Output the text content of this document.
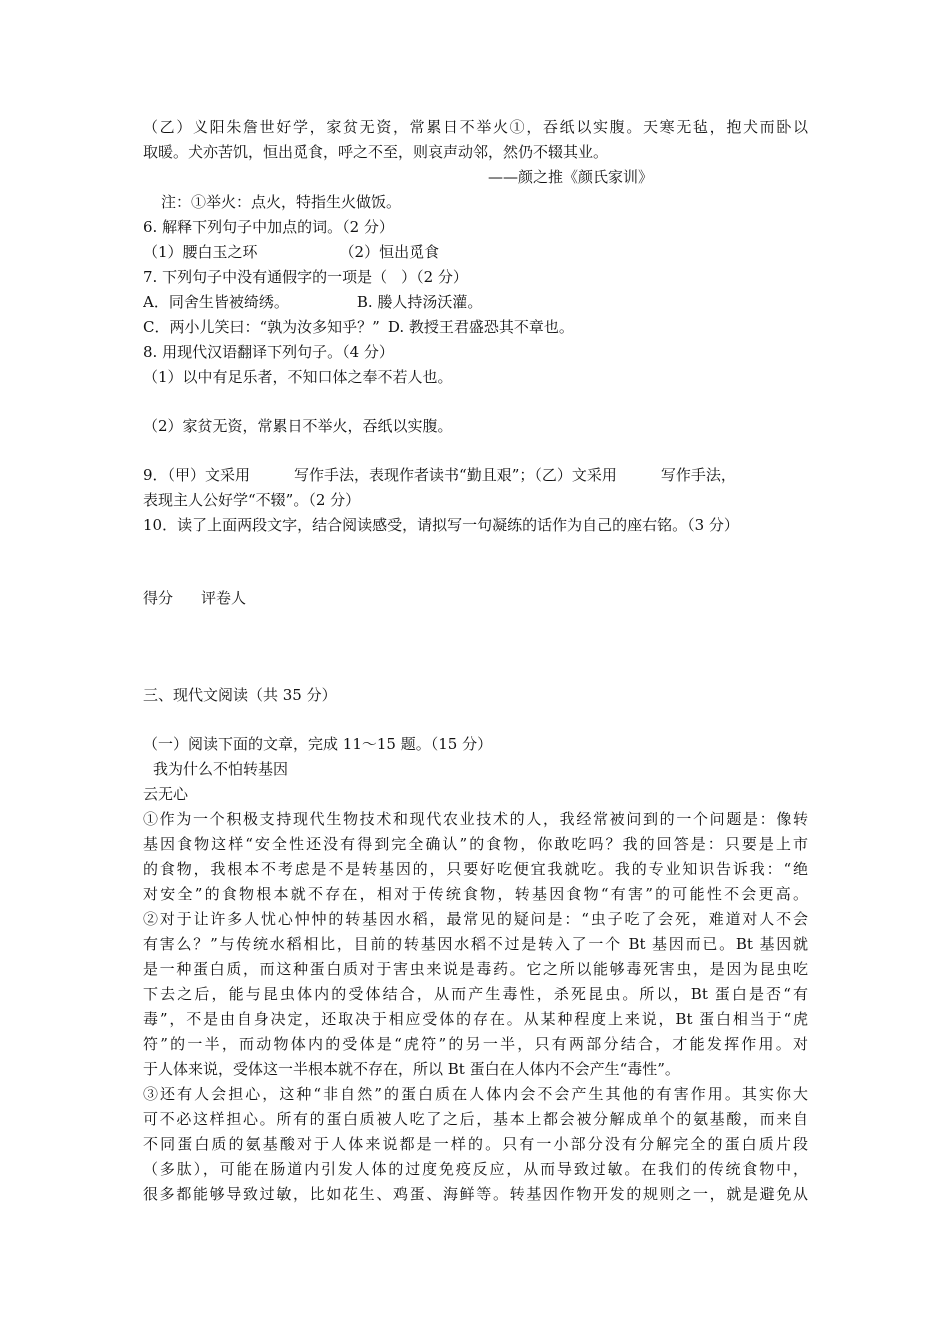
（乙）义阳朱詹世好学，家贫无资，常累日不举火①，吞纸以实腹。天寒无毡，抱犬而卧以
取暖。犬亦苦饥，恒出觅食，呼之不至，则哀声动邻，然仍不辍其业。
——颜之推《颜氏家训》
注：①举火：点火，特指生火做饭。
6. 解释下列句子中加点的词。（2 分）
（1）腰白玉之环	（2）恒出觅食
7. 下列句子中没有通假字的一项是（ ）（2 分）
A．同舍生皆被绮绣。	B. 媵人持汤沃灌。
C．两小儿笑曰：“孰为汝多知乎？” D. 教授王君盛恐其不章也。
8. 用现代汉语翻译下列句子。（4 分）
（1）以中有足乐者，不知口体之奉不若人也。
（2）家贫无资，常累日不举火，吞纸以实腹。
9．（甲）文采用	写作手法，表现作者读书“勤且艰”；（乙）文采用	写作手法，
表现主人公好学“不辍”。（2 分）
10．读了上面两段文字，结合阅读感受，请拟写一句凝练的话作为自己的座右铭。（3 分）
得分 评卷人
三、现代文阅读（共 35 分）
（一）阅读下面的文章，完成 11～15 题。（15 分）
我为什么不怕转基因
云无心
①作为一个积极支持现代生物技术和现代农业技术的人，我经常被问到的一个问题是：像转
基因食物这样“安全性还没有得到完全确认”的食物，你敢吃吗？我的回答是：只要是上市
的食物，我根本不考虑是不是转基因的，只要好吃便宜我就吃。我的专业知识告诉我：“绝
对安全”的食物根本就不存在，相对于传统食物，转基因食物“有害”的可能性不会更高。
②对于让许多人忧心忡忡的转基因水稻，最常见的疑问是：“虫子吃了会死，难道对人不会
有害么？”与传统水稻相比，目前的转基因水稻不过是转入了一个 Bt 基因而已。Bt 基因就
是一种蛋白质，而这种蛋白质对于害虫来说是毒药。它之所以能够毒死害虫，是因为昆虫吃
下去之后，能与昆虫体内的受体结合，从而产生毒性，杀死昆虫。所以，Bt 蛋白是否“有
毒”，不是由自身决定，还取决于相应受体的存在。从某种程度上来说，Bt 蛋白相当于“虎
符”的一半，而动物体内的受体是“虎符”的另一半，只有两部分结合，才能发挥作用。对
于人体来说，受体这一半根本就不存在，所以 Bt 蛋白在人体内不会产生“毒性”。
③还有人会担心，这种“非自然”的蛋白质在人体内会不会产生其他的有害作用。其实你大
可不必这样担心。所有的蛋白质被人吃了之后，基本上都会被分解成单个的氨基酸，而来自
不同蛋白质的氨基酸对于人体来说都是一样的。只有一小部分没有分解完全的蛋白质片段
（多肽），可能在肠道内引发人体的过度免疫反应，从而导致过敏。在我们的传统食物中，
很多都能够导致过敏，比如花生、鸡蛋、海鲜等。转基因作物开发的规则之一，就是避免从
